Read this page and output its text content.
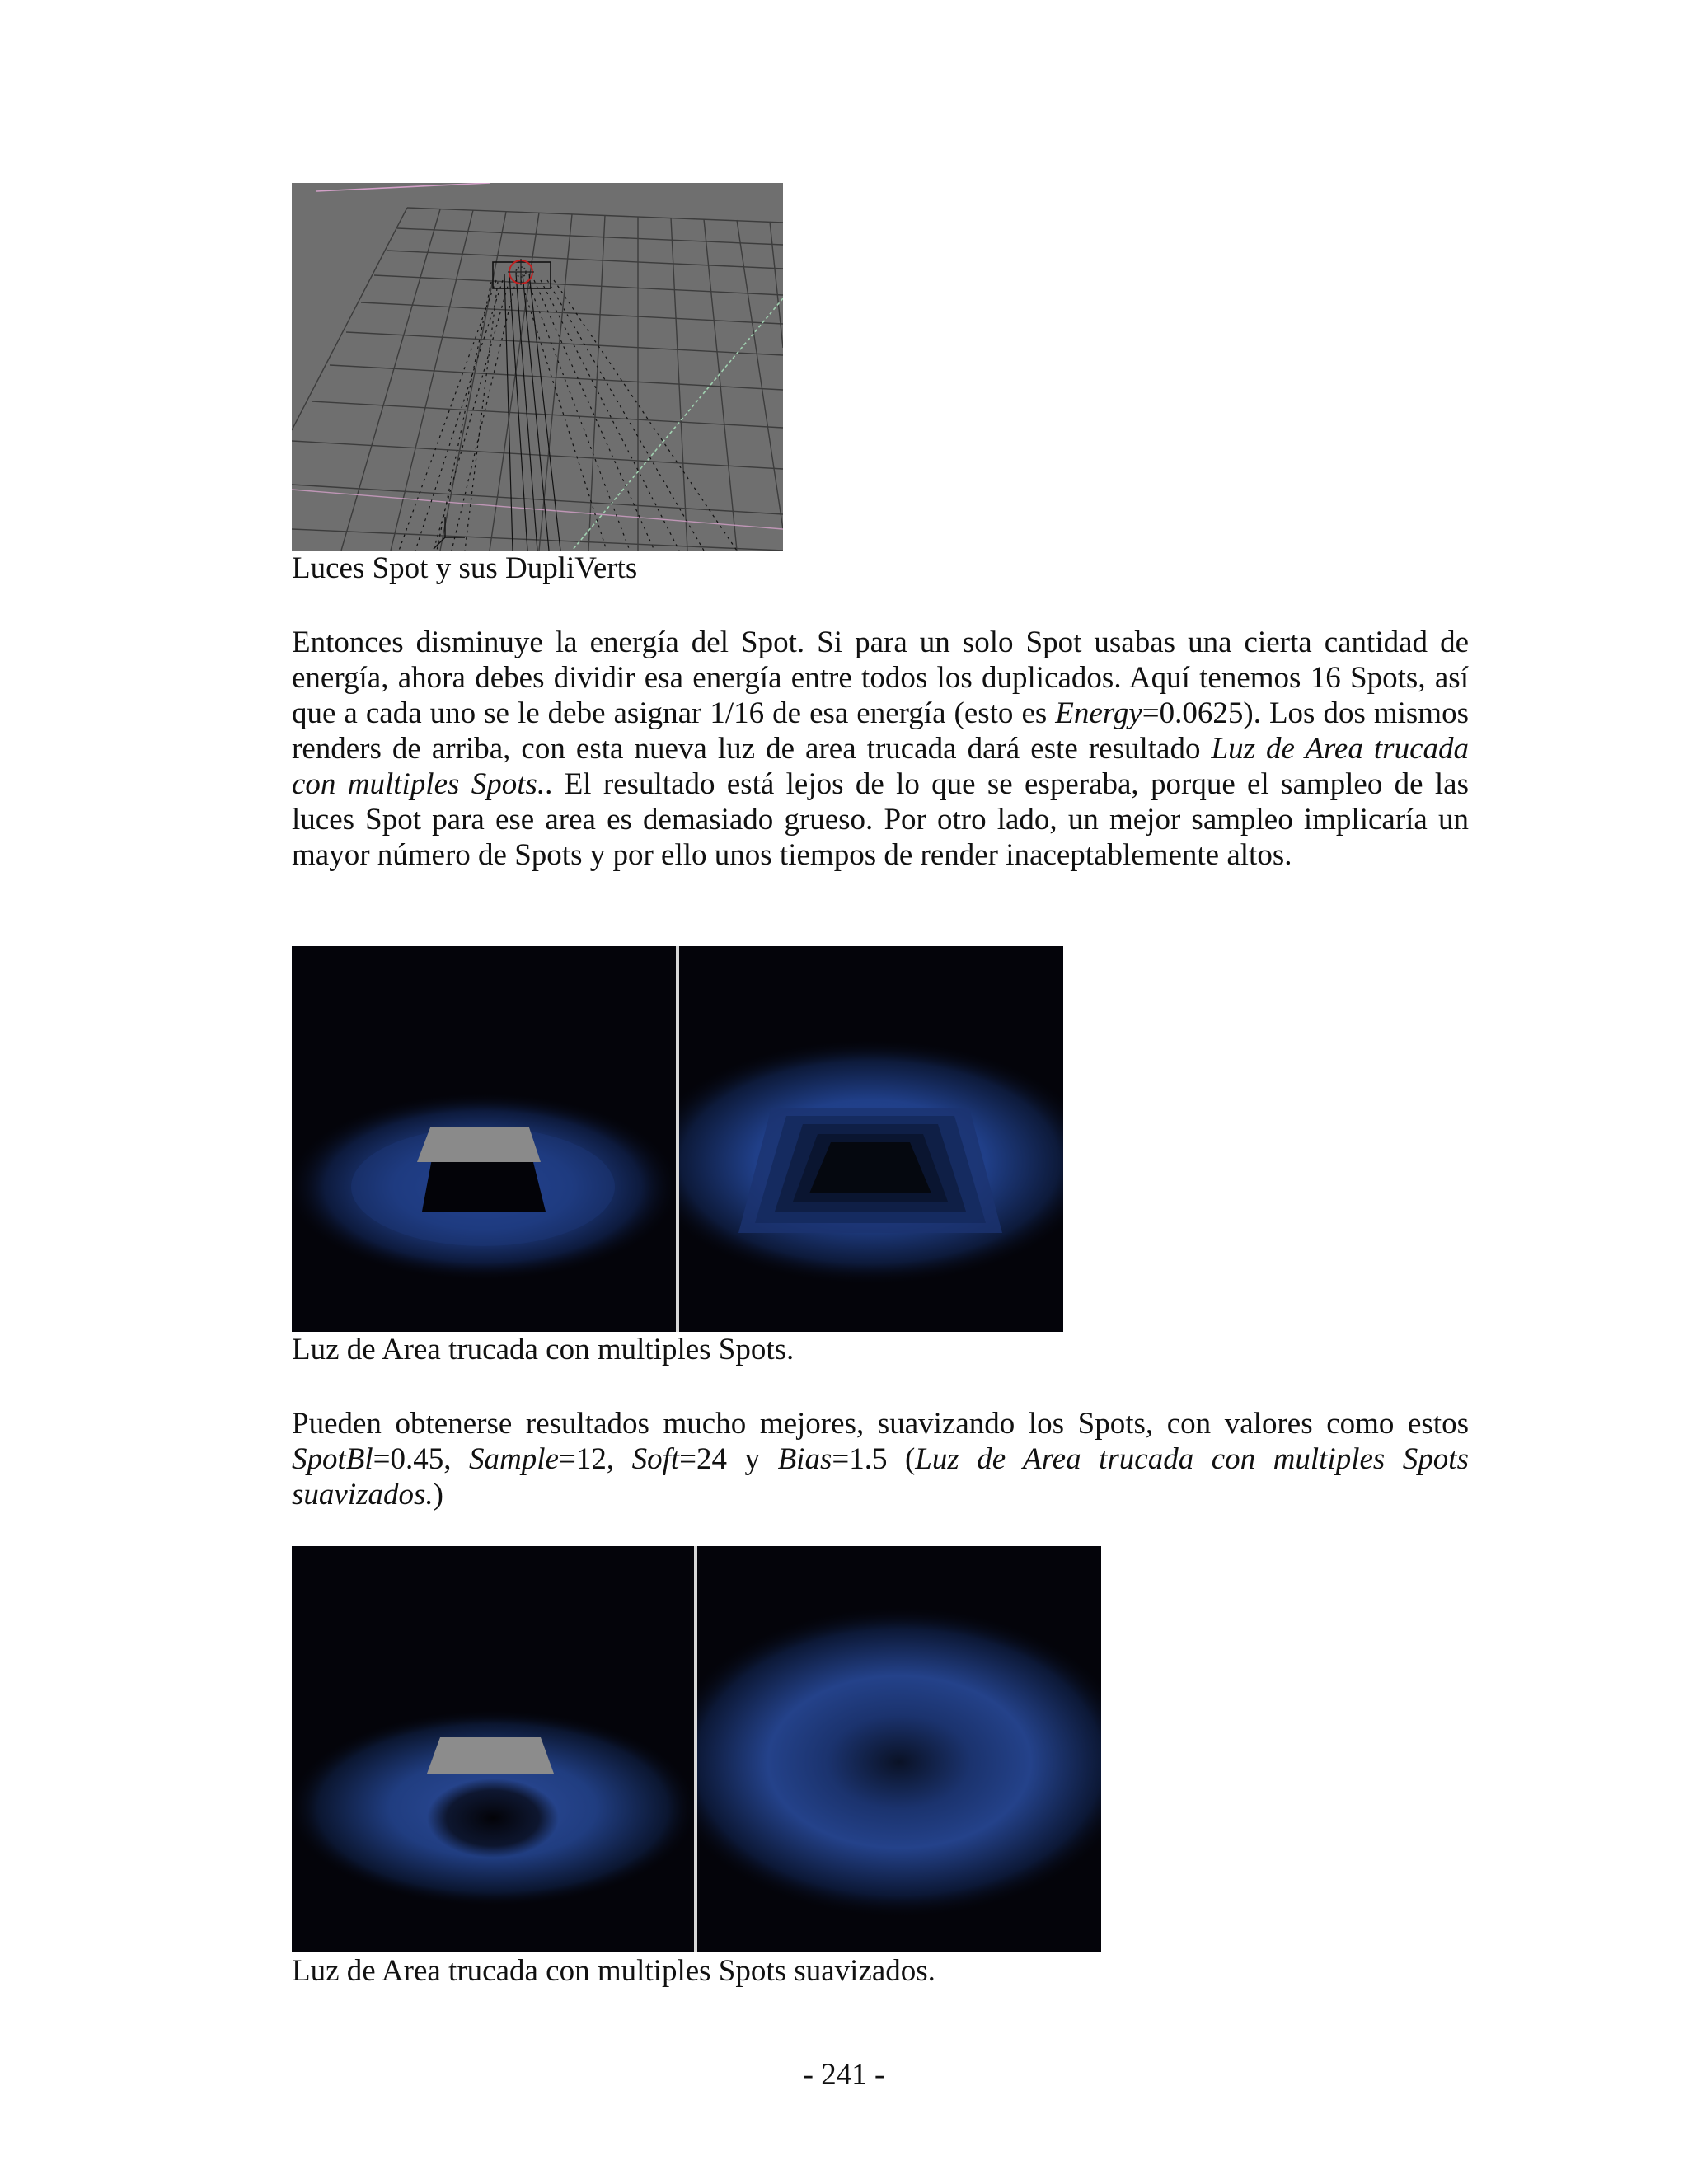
Luces Spot y sus DupliVerts
Entonces disminuye la energía del Spot. Si para un solo Spot usabas una cierta cantidad de energía, ahora debes dividir esa energía entre todos los duplicados. Aquí tenemos 16 Spots, así que a cada uno se le debe asignar 1/16 de esa energía (esto es Energy=0.0625). Los dos mismos renders de arriba, con esta nueva luz de area trucada dará este resultado Luz de Area trucada con multiples Spots.. El resultado está lejos de lo que se esperaba, porque el sampleo de las luces Spot para ese area es demasiado grueso. Por otro lado, un mejor sampleo implicaría un mayor número de Spots y por ello unos tiempos de render inaceptablemente altos.
Luz de Area trucada con multiples Spots.
Pueden obtenerse resultados mucho mejores, suavizando los Spots, con valores como estos SpotBl=0.45, Sample=12, Soft=24 y Bias=1.5 (Luz de Area trucada con multiples Spots suavizados.)
Luz de Area trucada con multiples Spots suavizados.
- 241 -
